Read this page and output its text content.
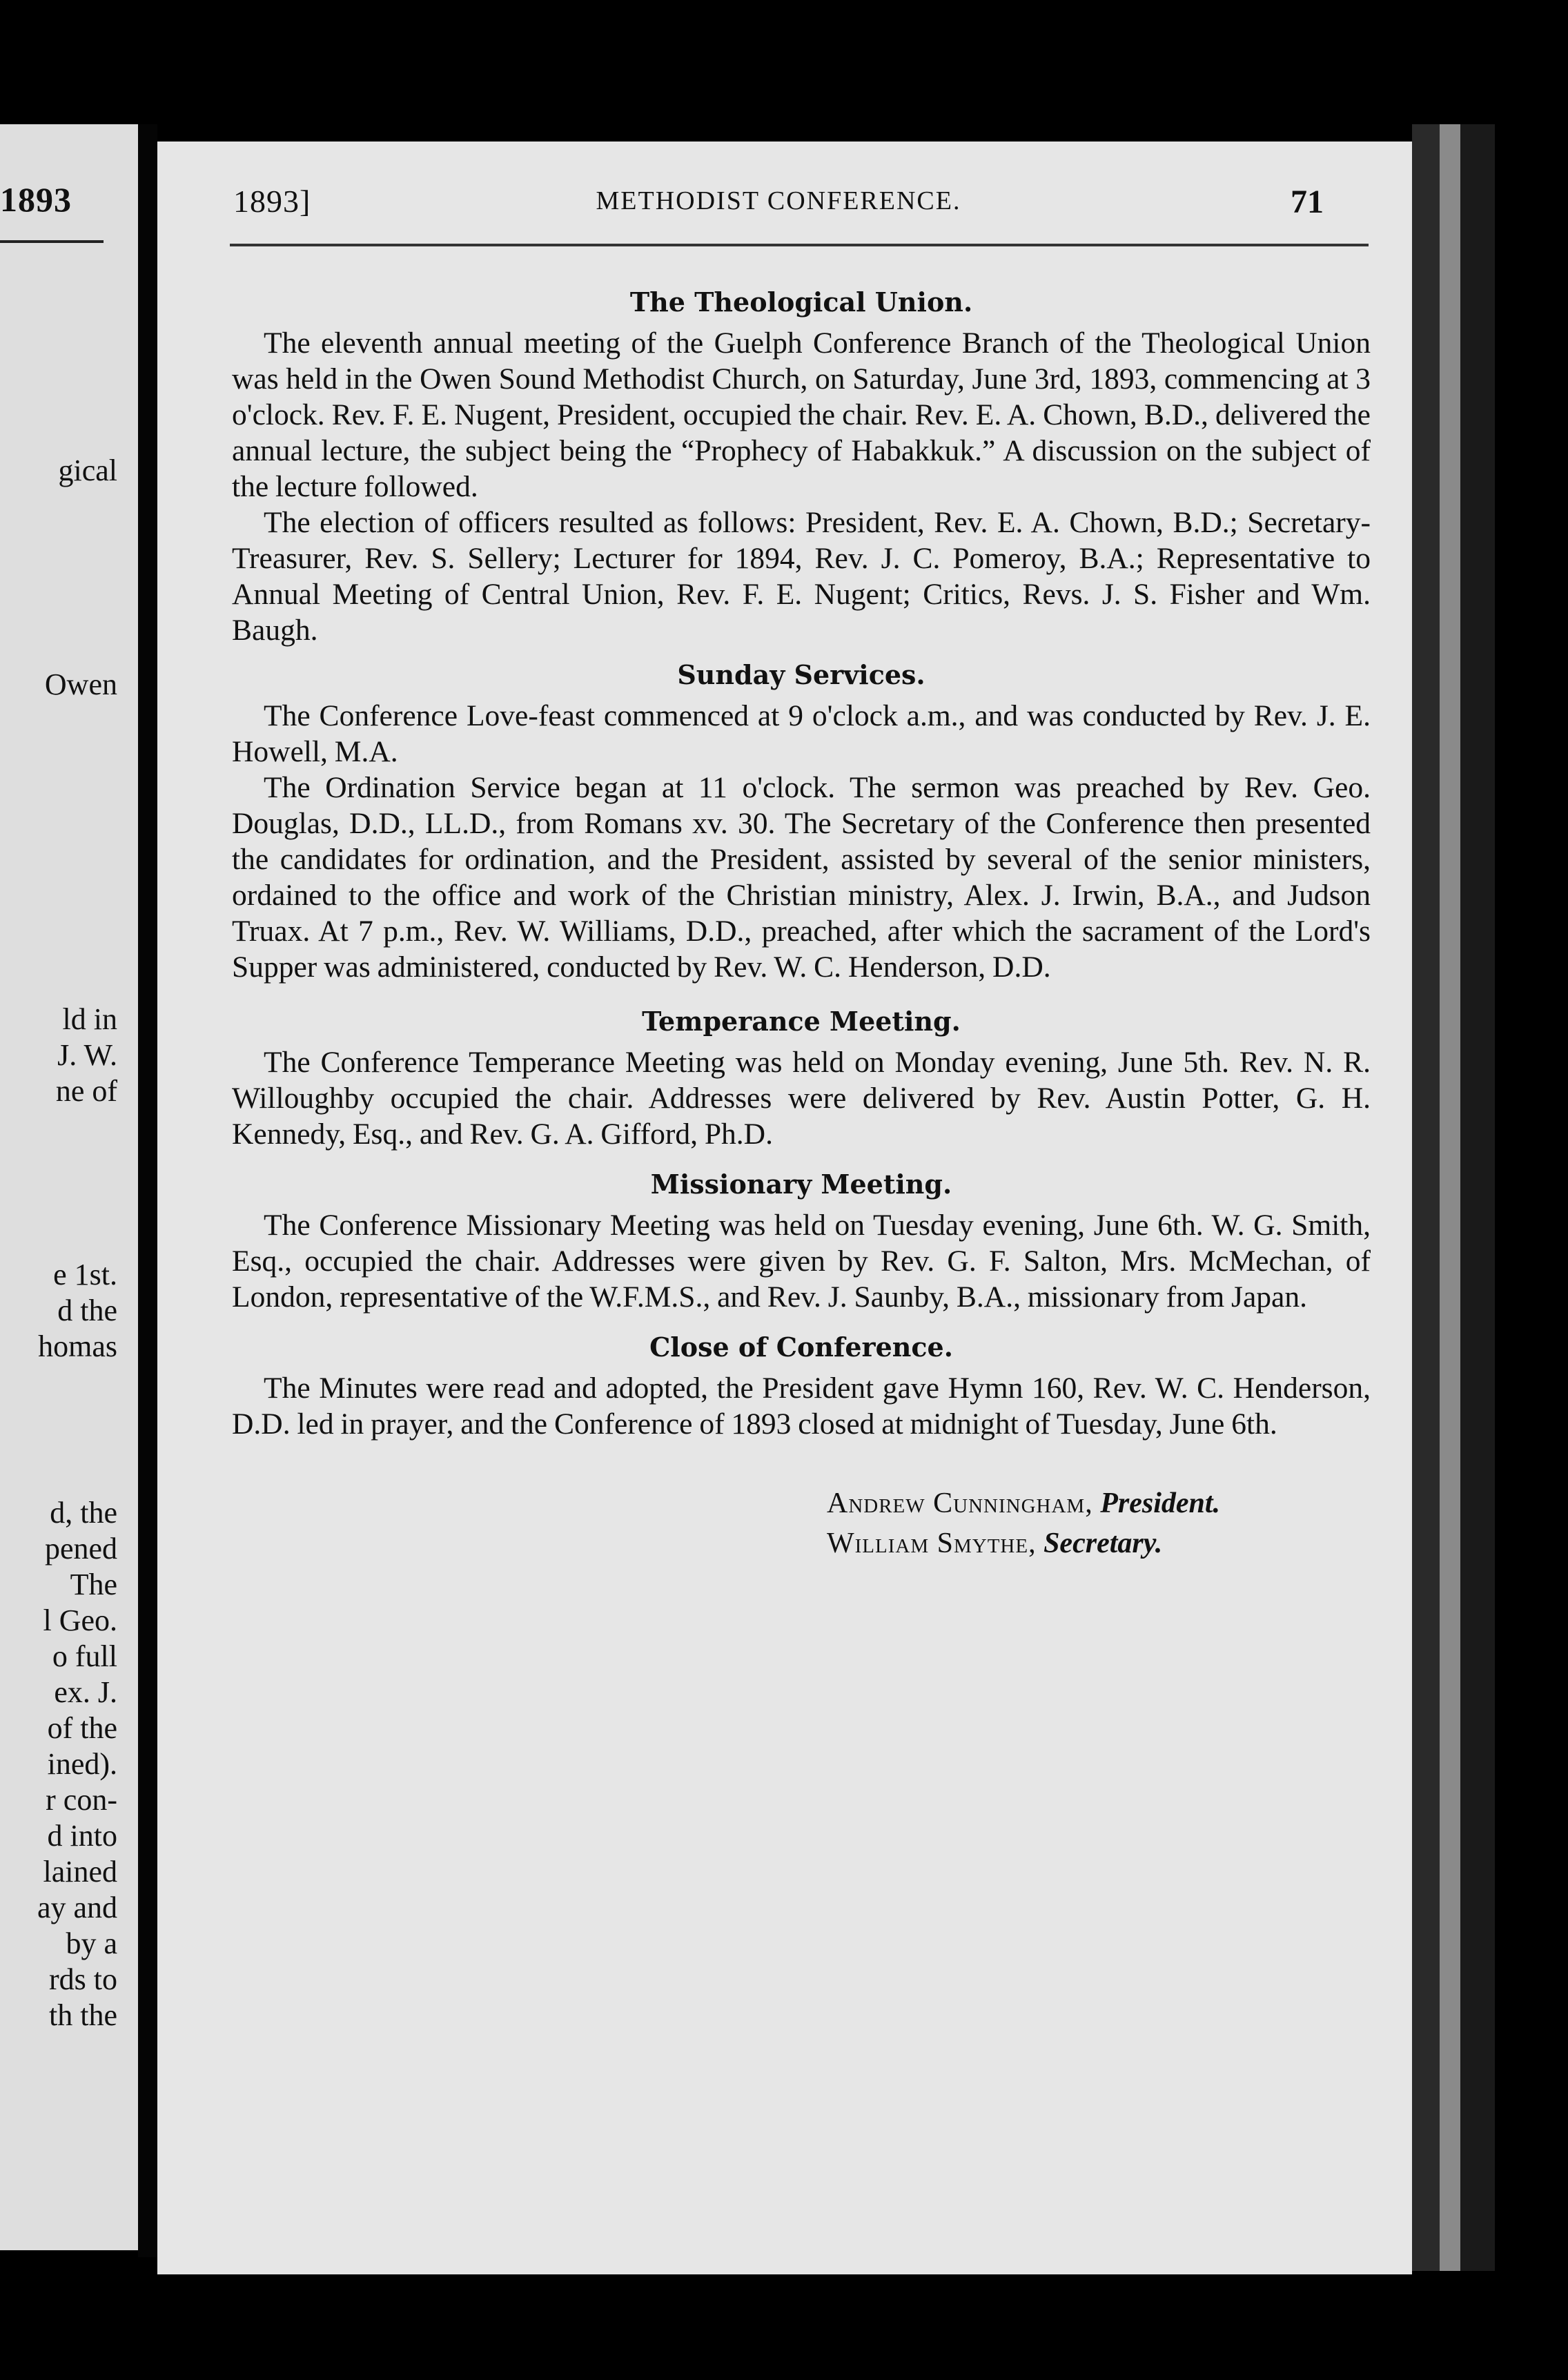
1893
gical
Owen
ld in
J. W.
ne of
e 1st.
d the
homas
d, the
pened
The
l Geo.
o full
ex. J.
of the
ined).
r con-
d into
lained
ay and
by a
rds to
th the
1893]	METHODIST CONFERENCE.	71
The Theological Union.

The eleventh annual meeting of the Guelph Conference Branch of the Theological Union was held in the Owen Sound Methodist Church, on Saturday, June 3rd, 1893, commencing at 3 o'clock. Rev. F. E. Nugent, President, occupied the chair. Rev. E. A. Chown, B.D., delivered the annual lecture, the subject being the “Prophecy of Habakkuk.” A discussion on the subject of the lecture followed.

The election of officers resulted as follows: President, Rev. E. A. Chown, B.D.; Secretary-Treasurer, Rev. S. Sellery; Lecturer for 1894, Rev. J. C. Pomeroy, B.A.; Representative to Annual Meeting of Central Union, Rev. F. E. Nugent; Critics, Revs. J. S. Fisher and Wm. Baugh.

Sunday Services.

The Conference Love-feast commenced at 9 o'clock a.m., and was conducted by Rev. J. E. Howell, M.A.

The Ordination Service began at 11 o'clock. The sermon was preached by Rev. Geo. Douglas, D.D., LL.D., from Romans xv. 30. The Secretary of the Conference then presented the candidates for ordination, and the President, assisted by several of the senior ministers, ordained to the office and work of the Christian ministry, Alex. J. Irwin, B.A., and Judson Truax. At 7 p.m., Rev. W. Williams, D.D., preached, after which the sacrament of the Lord's Supper was administered, conducted by Rev. W. C. Henderson, D.D.

Temperance Meeting.

The Conference Temperance Meeting was held on Monday evening, June 5th. Rev. N. R. Willoughby occupied the chair. Addresses were delivered by Rev. Austin Potter, G. H. Kennedy, Esq., and Rev. G. A. Gifford, Ph.D.

Missionary Meeting.

The Conference Missionary Meeting was held on Tuesday evening, June 6th. W. G. Smith, Esq., occupied the chair. Addresses were given by Rev. G. F. Salton, Mrs. McMechan, of London, representative of the W.F.M.S., and Rev. J. Saunby, B.A., missionary from Japan.

Close of Conference.

The Minutes were read and adopted, the President gave Hymn 160, Rev. W. C. Henderson, D.D. led in prayer, and the Conference of 1893 closed at midnight of Tuesday, June 6th.

Andrew Cunningham, President.
William Smythe, Secretary.
